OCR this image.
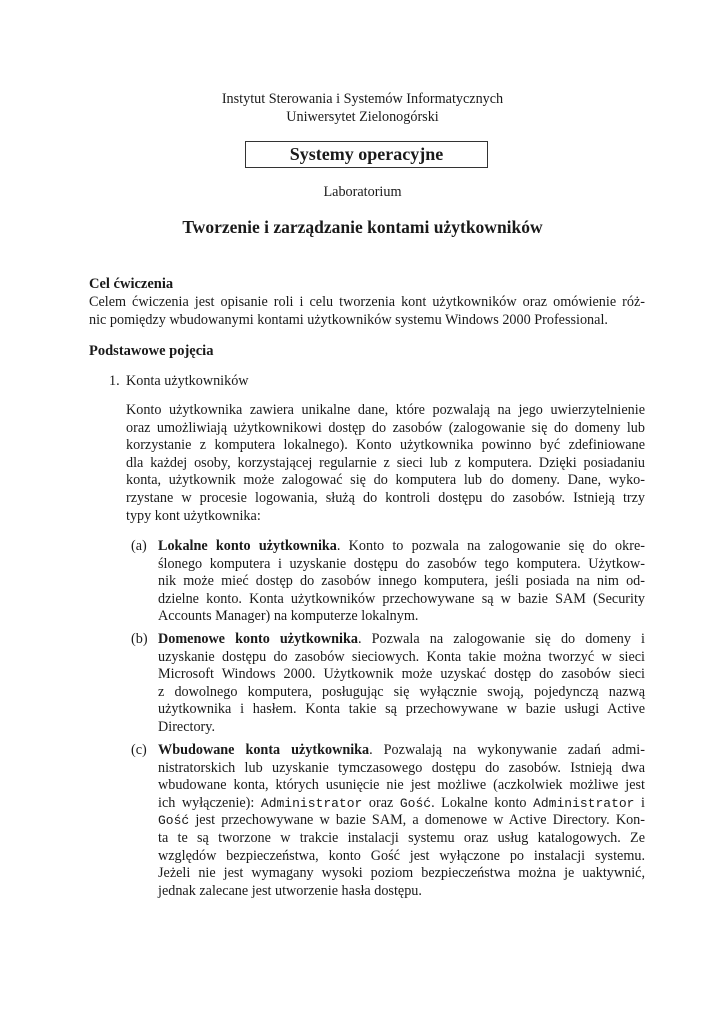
Instytut Sterowania i Systemów Informatycznych
Uniwersytet Zielonogórski
Systemy operacyjne
Laboratorium
Tworzenie i zarządzanie kontami użytkowników
Cel ćwiczenia
Celem ćwiczenia jest opisanie roli i celu tworzenia kont użytkowników oraz omówienie róż-
nic pomiędzy wbudowanymi kontami użytkowników systemu Windows 2000 Professional.
Podstawowe pojęcia
1. Konta użytkowników
Konto użytkownika zawiera unikalne dane, które pozwalają na jego uwierzytelnienie
oraz umożliwiają użytkownikowi dostęp do zasobów (zalogowanie się do domeny lub
korzystanie z komputera lokalnego). Konto użytkownika powinno być zdefiniowane
dla każdej osoby, korzystającej regularnie z sieci lub z komputera. Dzięki posiadaniu
konta, użytkownik może zalogować się do komputera lub do domeny. Dane, wyko-
rzystane w procesie logowania, służą do kontroli dostępu do zasobów. Istnieją trzy
typy kont użytkownika:
(a) Lokalne konto użytkownika. Konto to pozwala na zalogowanie się do okre-
ślonego komputera i uzyskanie dostępu do zasobów tego komputera. Użytkow-
nik może mieć dostęp do zasobów innego komputera, jeśli posiada na nim od-
dzielne konto. Konta użytkowników przechowywane są w bazie SAM (Security
Accounts Manager) na komputerze lokalnym.
(b) Domenowe konto użytkownika. Pozwala na zalogowanie się do domeny i
uzyskanie dostępu do zasobów sieciowych. Konta takie można tworzyć w sieci
Microsoft Windows 2000. Użytkownik może uzyskać dostęp do zasobów sieci
z dowolnego komputera, posługując się wyłącznie swoją, pojedynczą nazwą
użytkownika i hasłem. Konta takie są przechowywane w bazie usługi Active
Directory.
(c) Wbudowane konta użytkownika. Pozwalają na wykonywanie zadań admi-
nistratorskich lub uzyskanie tymczasowego dostępu do zasobów. Istnieją dwa
wbudowane konta, których usunięcie nie jest możliwe (aczkolwiek możliwe jest
ich wyłączenie): Administrator oraz Gość. Lokalne konto Administrator i
Gość jest przechowywane w bazie SAM, a domenowe w Active Directory. Kon-
ta te są tworzone w trakcie instalacji systemu oraz usług katalogowych. Ze
względów bezpieczeństwa, konto Gość jest wyłączone po instalacji systemu.
Jeżeli nie jest wymagany wysoki poziom bezpieczeństwa można je uaktywnić,
jednak zalecane jest utworzenie hasła dostępu.
